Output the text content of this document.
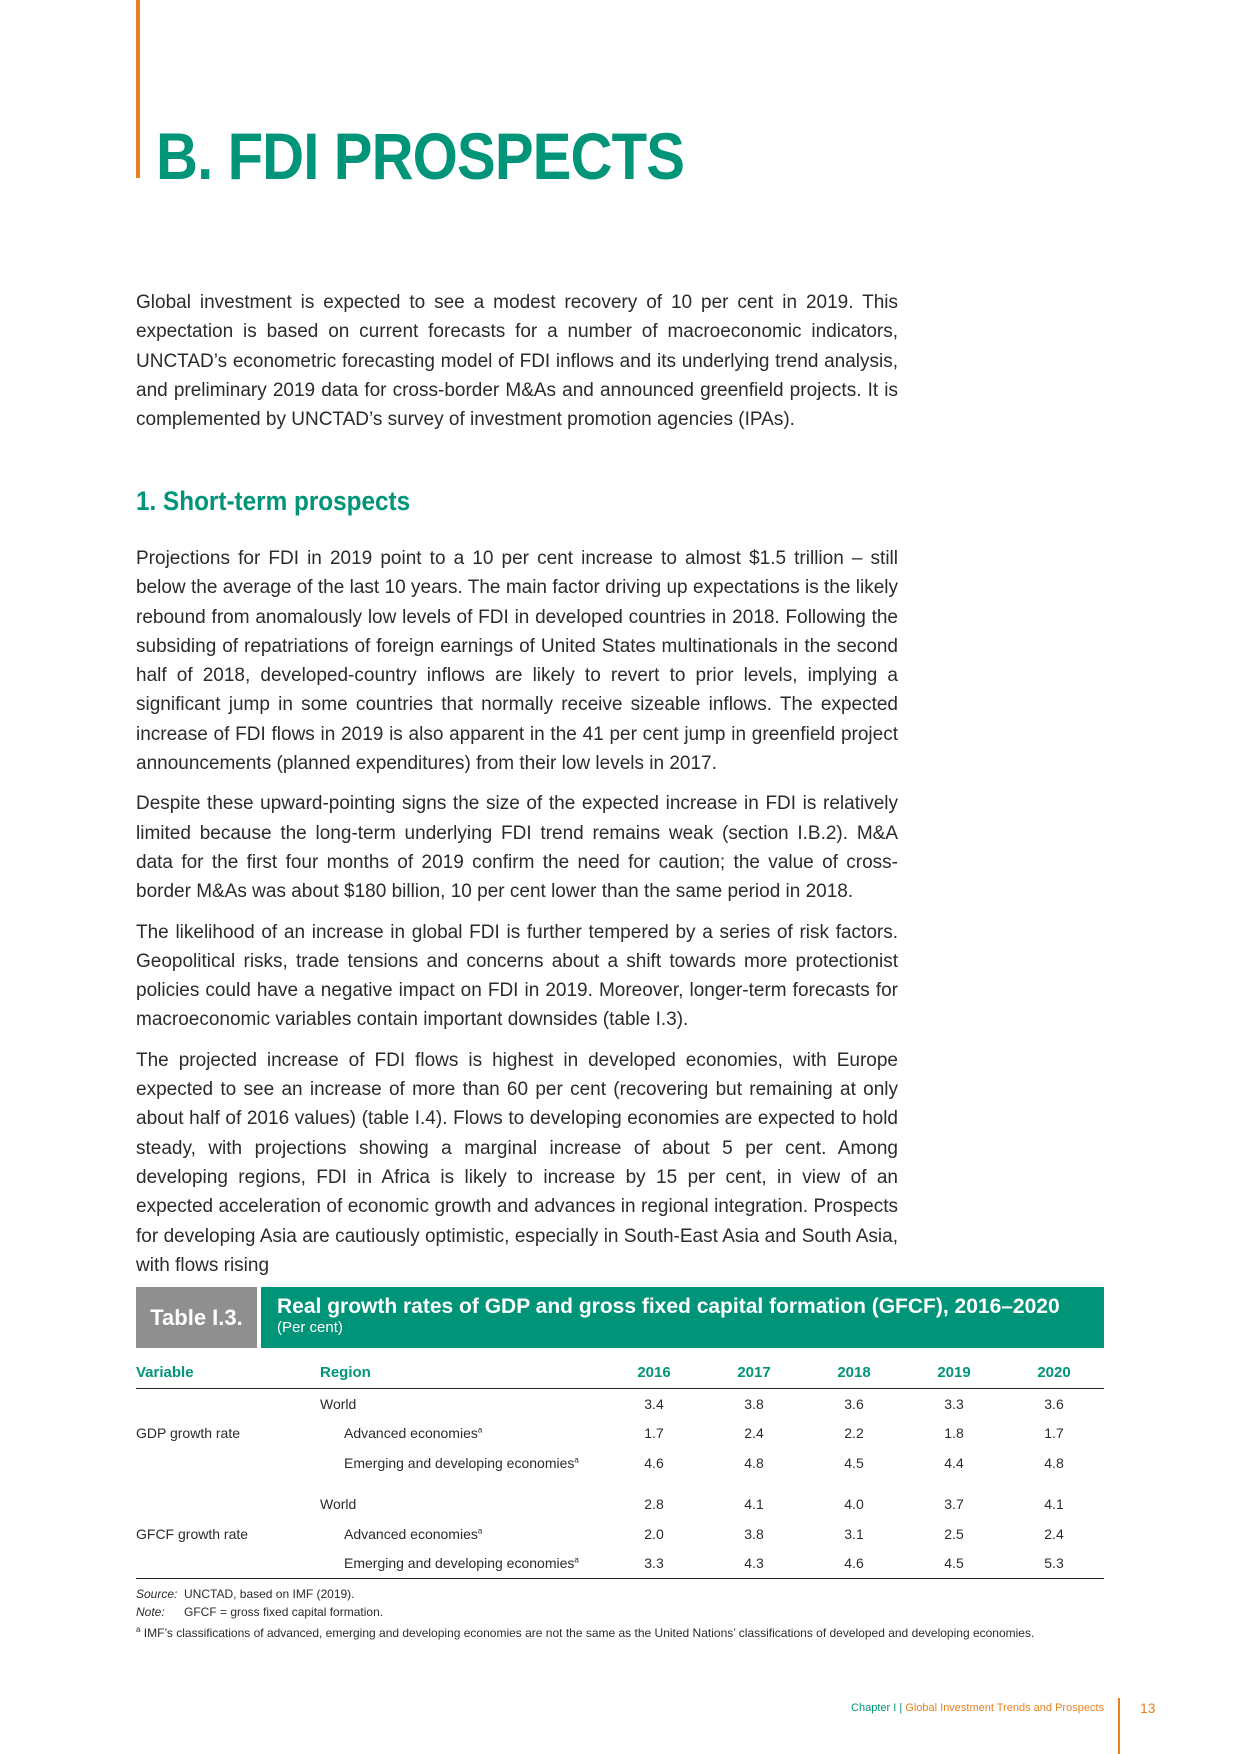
B. FDI PROSPECTS

Global investment is expected to see a modest recovery of 10 per cent in 2019. This expectation is based on current forecasts for a number of macroeconomic indicators, UNCTAD’s econometric forecasting model of FDI inflows and its underlying trend analysis, and preliminary 2019 data for cross-border M&As and announced greenfield projects. It is complemented by UNCTAD’s survey of investment promotion agencies (IPAs).

1. Short-term prospects

Projections for FDI in 2019 point to a 10 per cent increase to almost $1.5 trillion – still below the average of the last 10 years. The main factor driving up expectations is the likely rebound from anomalously low levels of FDI in developed countries in 2018. Following the subsiding of repatriations of foreign earnings of United States multinationals in the second half of 2018, developed-country inflows are likely to revert to prior levels, implying a significant jump in some countries that normally receive sizeable inflows. The expected increase of FDI flows in 2019 is also apparent in the 41 per cent jump in greenfield project announcements (planned expenditures) from their low levels in 2017.

Despite these upward-pointing signs the size of the expected increase in FDI is relatively limited because the long-term underlying FDI trend remains weak (section I.B.2). M&A data for the first four months of 2019 confirm the need for caution; the value of cross-border M&As was about $180 billion, 10 per cent lower than the same period in 2018.

The likelihood of an increase in global FDI is further tempered by a series of risk factors. Geopolitical risks, trade tensions and concerns about a shift towards more protectionist policies could have a negative impact on FDI in 2019. Moreover, longer-term forecasts for macroeconomic variables contain important downsides (table I.3).

The projected increase of FDI flows is highest in developed economies, with Europe expected to see an increase of more than 60 per cent (recovering but remaining at only about half of 2016 values) (table I.4). Flows to developing economies are expected to hold steady, with projections showing a marginal increase of about 5 per cent. Among developing regions, FDI in Africa is likely to increase by 15 per cent, in view of an expected acceleration of economic growth and advances in regional integration. Prospects for developing Asia are cautiously optimistic, especially in South-East Asia and South Asia, with flows rising

Table I.3.	Real growth rates of GDP and gross fixed capital formation (GFCF), 2016–2020
(Per cent)
Variable	Region	2016	2017	2018	2019	2020
	World	3.4	3.8	3.6	3.3	3.6
GDP growth rate	Advanced economies$^a$	1.7	2.4	2.2	1.8	1.7
	Emerging and developing economies$^a$	4.6	4.8	4.5	4.4	4.8

	World	2.8	4.1	4.0	3.7	4.1
GFCF growth rate	Advanced economies$^a$	2.0	3.8	3.1	2.5	2.4
	Emerging and developing economies$^a$	3.3	4.3	4.6	4.5	5.3
Source: UNCTAD, based on IMF (2019).
Note: GFCF = gross fixed capital formation.
$^a$ IMF’s classifications of advanced, emerging and developing economies are not the same as the United Nations’ classifications of developed and developing economies.
Chapter I | Global Investment Trends and Prospects	13
